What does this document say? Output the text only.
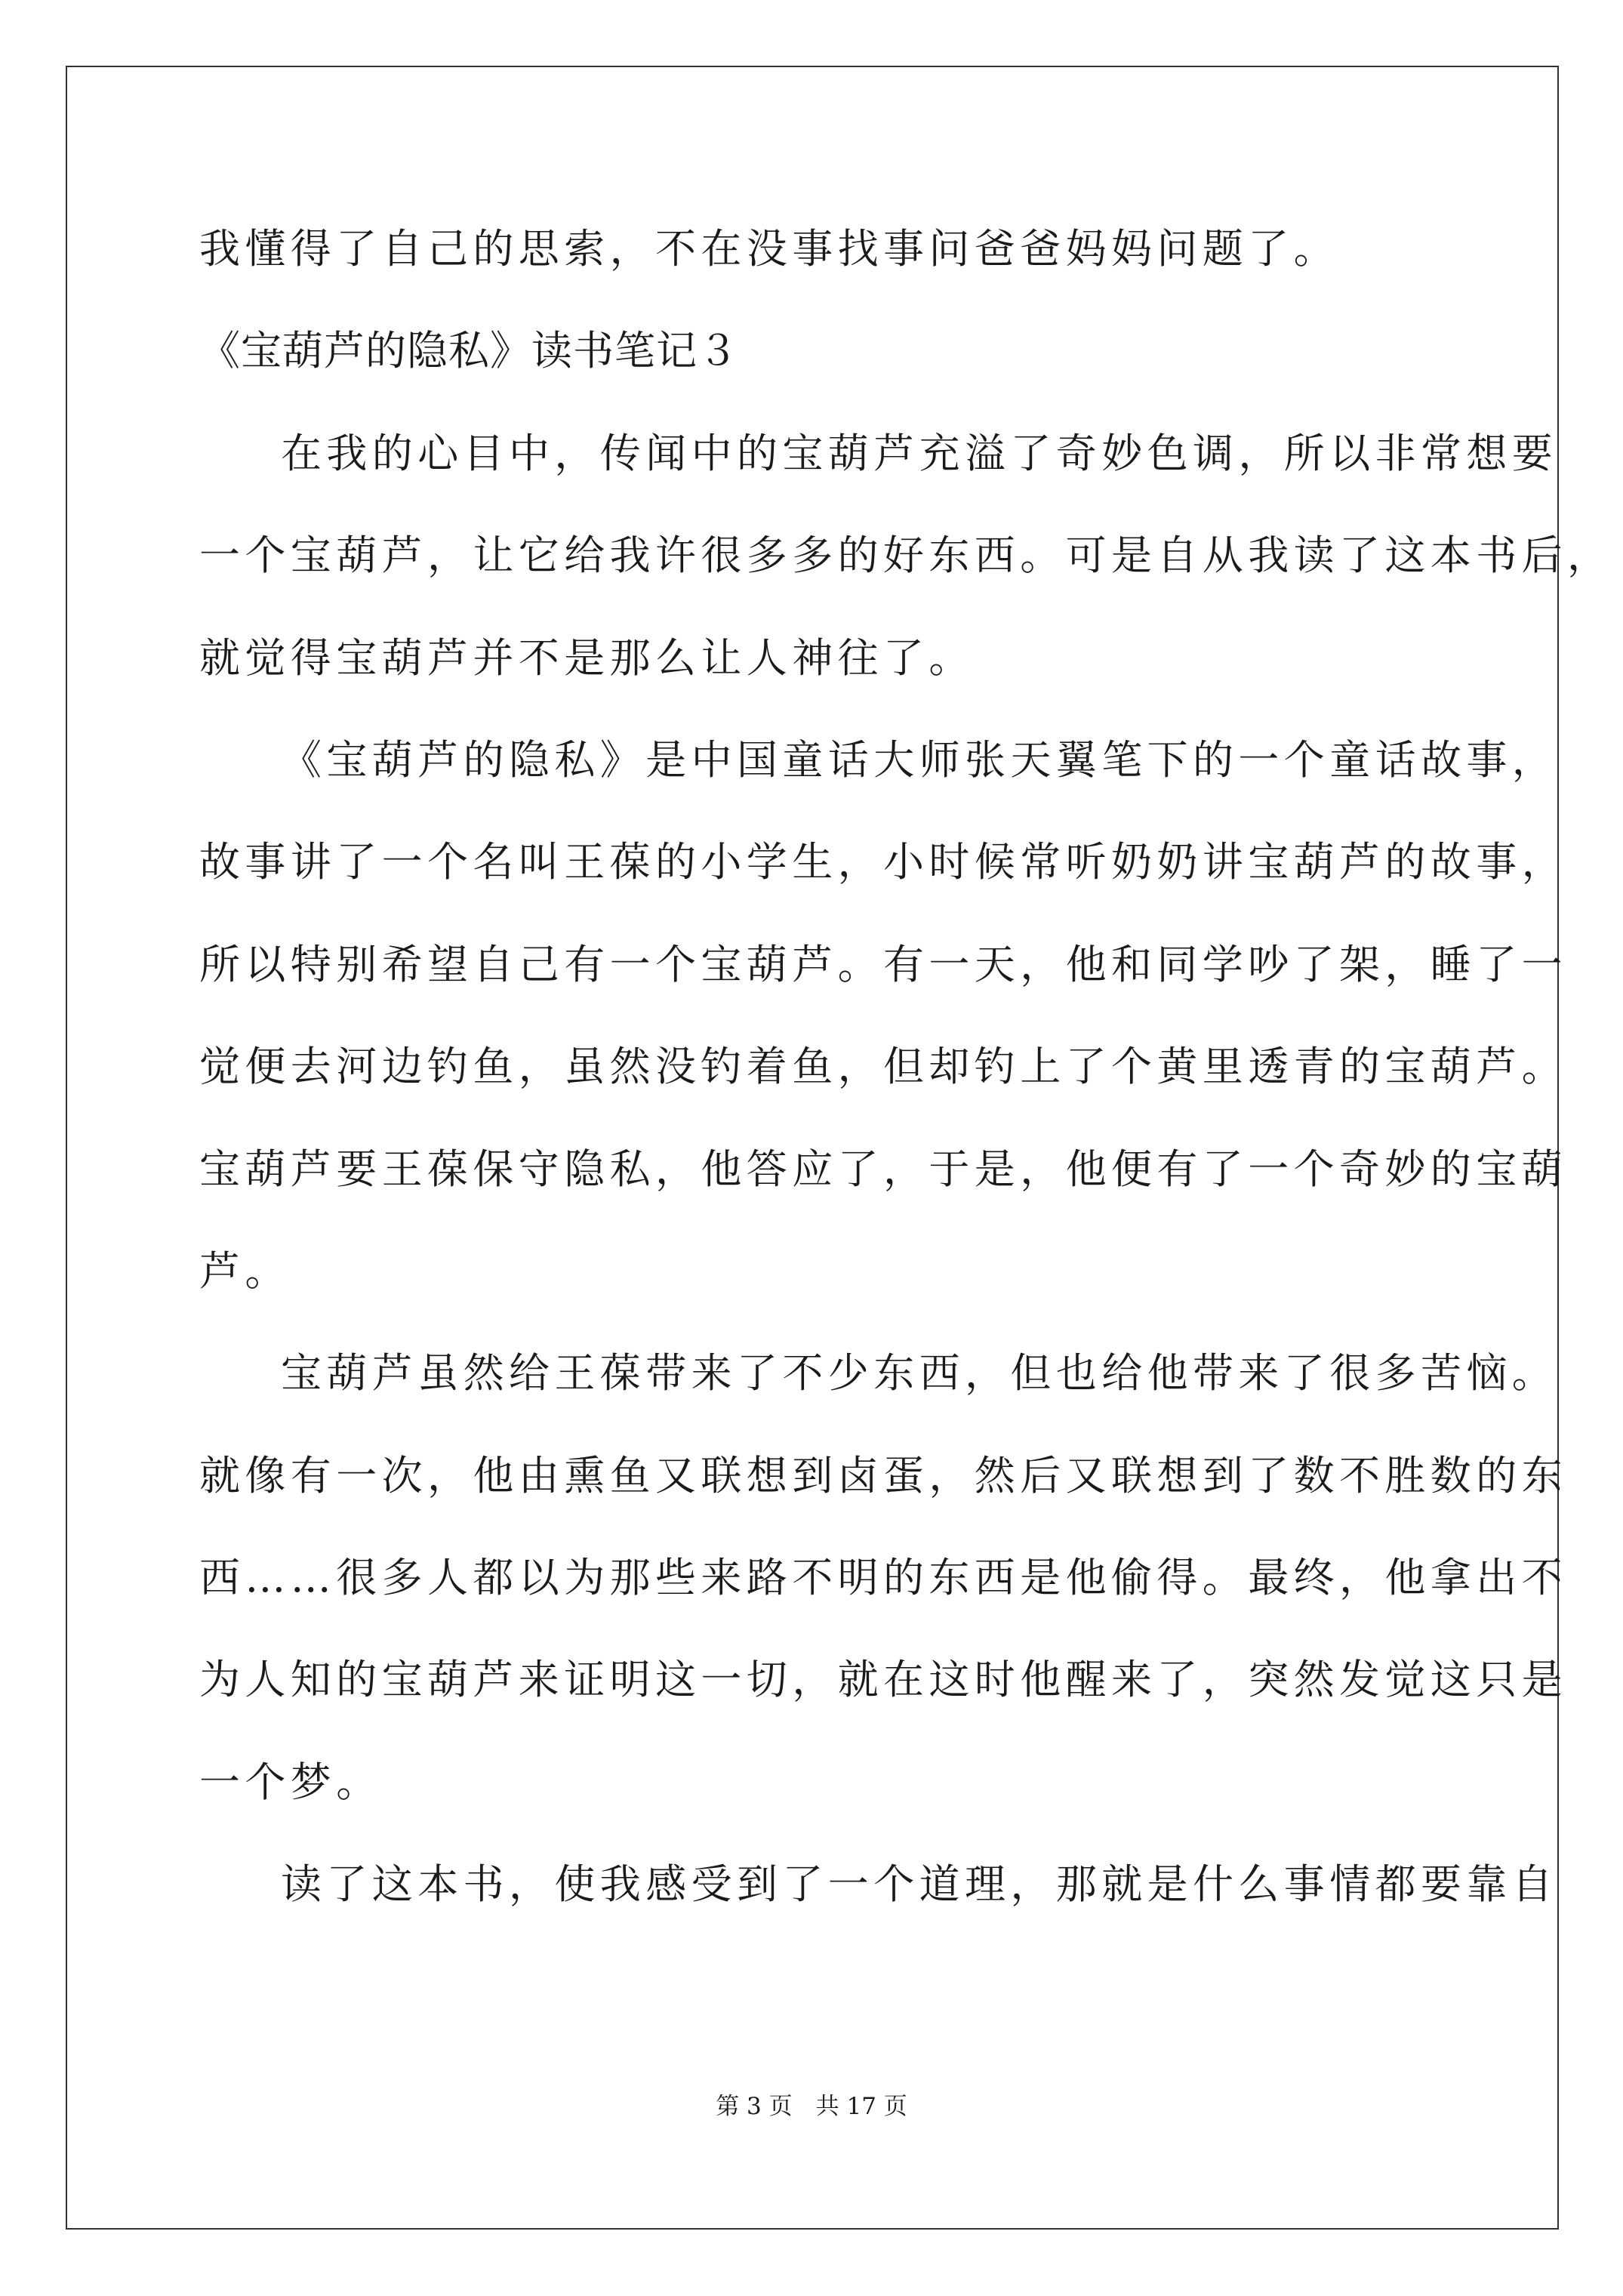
我懂得了自己的思索，不在没事找事问爸爸妈妈问题了。
《宝葫芦的隐私》读书笔记３
在我的心目中，传闻中的宝葫芦充溢了奇妙色调，所以非常想要
一个宝葫芦，让它给我许很多多的好东西。可是自从我读了这本书后，
就觉得宝葫芦并不是那么让人神往了。
《宝葫芦的隐私》是中国童话大师张天翼笔下的一个童话故事，
故事讲了一个名叫王葆的小学生，小时候常听奶奶讲宝葫芦的故事，
所以特别希望自己有一个宝葫芦。有一天，他和同学吵了架，睡了一
觉便去河边钓鱼，虽然没钓着鱼，但却钓上了个黄里透青的宝葫芦。
宝葫芦要王葆保守隐私，他答应了，于是，他便有了一个奇妙的宝葫
芦。
宝葫芦虽然给王葆带来了不少东西，但也给他带来了很多苦恼。
就像有一次，他由熏鱼又联想到卤蛋，然后又联想到了数不胜数的东
西……很多人都以为那些来路不明的东西是他偷得。最终，他拿出不
为人知的宝葫芦来证明这一切，就在这时他醒来了，突然发觉这只是
一个梦。
读了这本书，使我感受到了一个道理，那就是什么事情都要靠自
第 3 页　共 17 页
